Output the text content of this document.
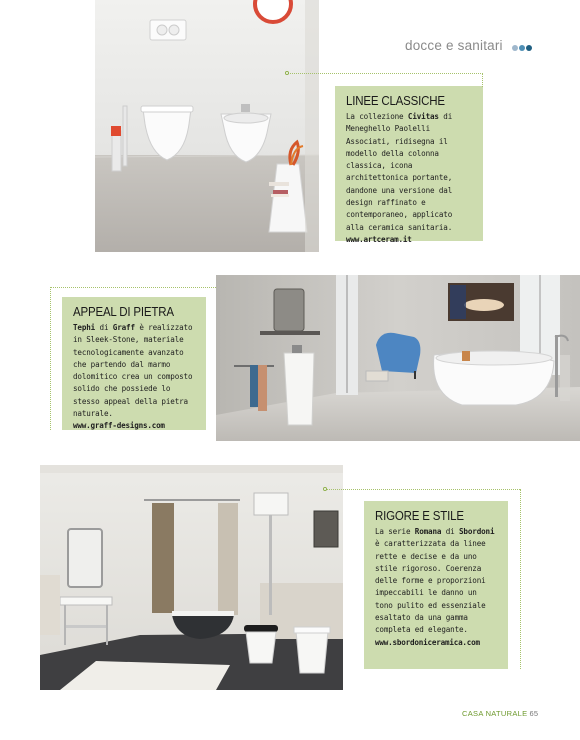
docce e sanitari
LINEE CLASSICHE

La collezione Civitas di Meneghello Paolelli Associati, ridisegna il modello della colonna classica, icona architettonica portante, dandone una versione dal design raffinato e contemporaneo, applicato alla ceramica sanitaria.

www.artceram.it
APPEAL DI PIETRA

Tephi di Graff è realizzato in Sleek-Stone, materiale tecnologicamente avanzato che partendo dal marmo dolomitico crea un composto solido che possiede lo stesso appeal della pietra naturale.

www.graff-designs.com
RIGORE E STILE

La serie Romana di Sbordoni è caratterizzata da linee rette e decise e da uno stile rigoroso. Coerenza delle forme e proporzioni impeccabili le danno un tono pulito ed essenziale esaltato da una gamma completa ed elegante.

www.sbordoniceramica.com
CASA NATURALE 65
